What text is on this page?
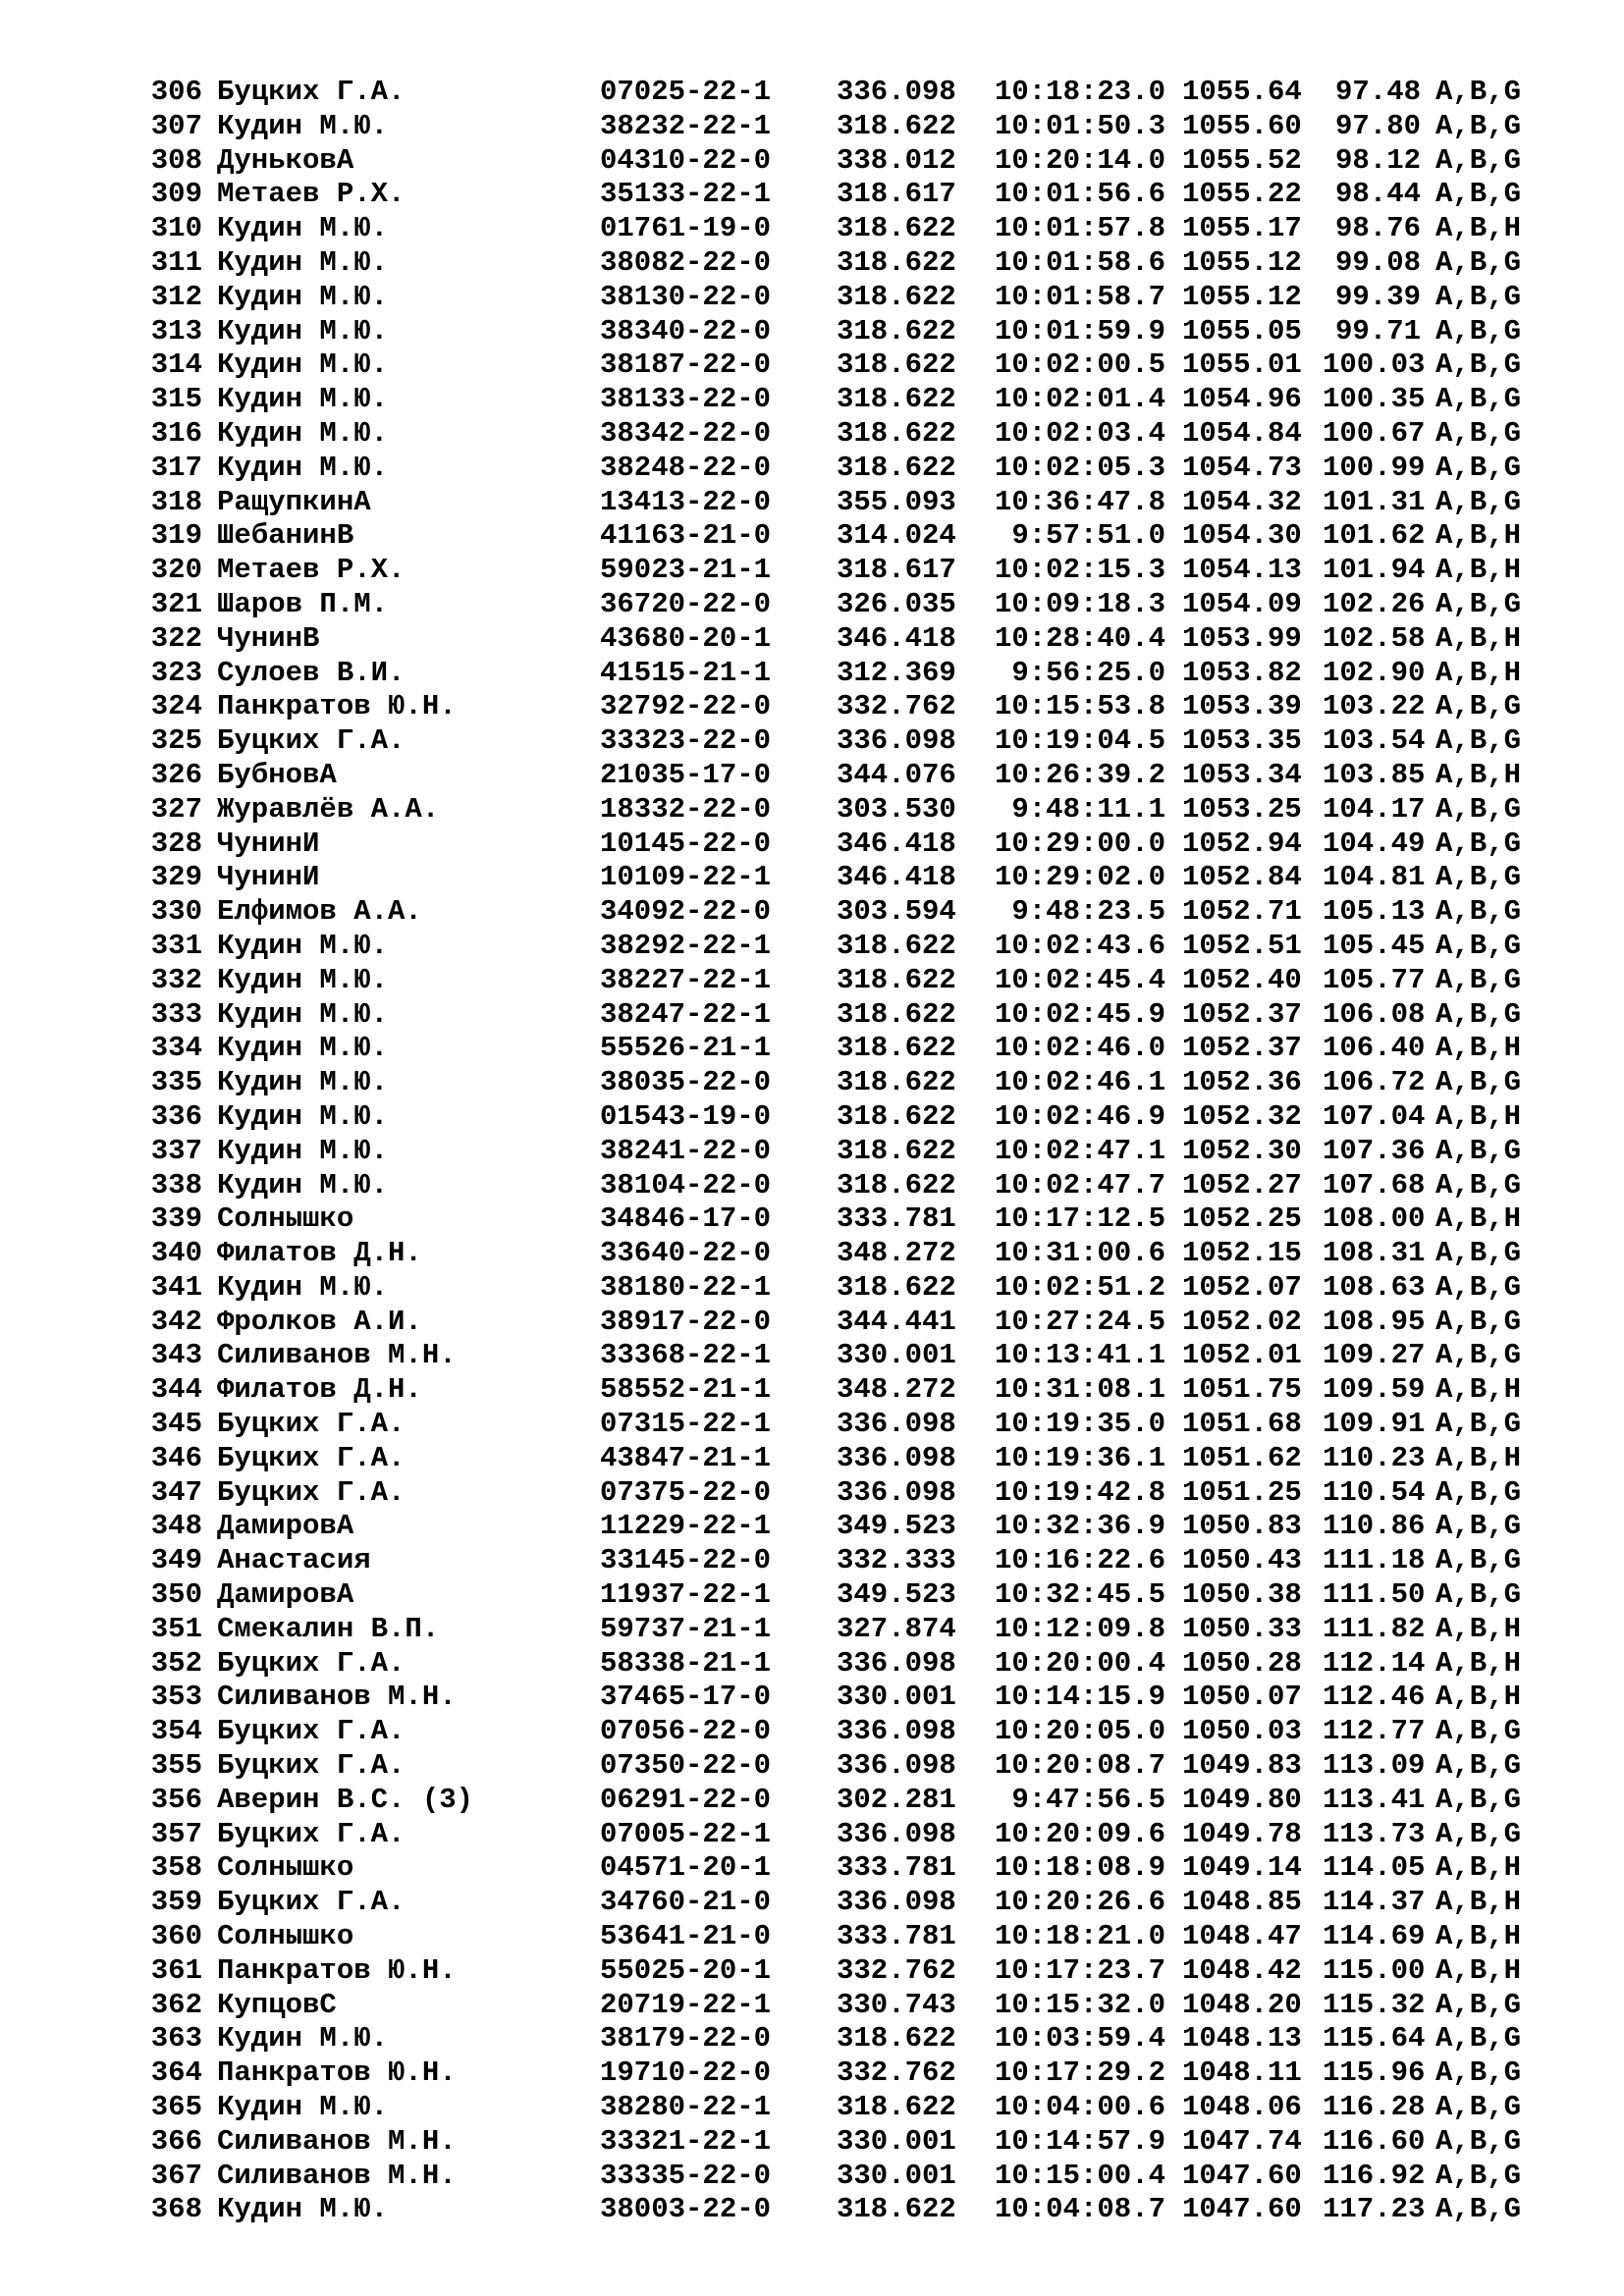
306 Буцких Г.А.	07025-22-1 336.098	10:18:23.0 1055.64	97.48 A,B,G
307 Кудин М.Ю.	38232-22-1 318.622	10:01:50.3 1055.60	97.80 A,B,G
308 ДуньковА	04310-22-0 338.012	10:20:14.0 1055.52	98.12 A,B,G
309 Метаев Р.Х.	35133-22-1 318.617	10:01:56.6 1055.22	98.44 A,B,G
310 Кудин М.Ю.	01761-19-0 318.622	10:01:57.8 1055.17	98.76 A,B,H
311 Кудин М.Ю.	38082-22-0 318.622	10:01:58.6 1055.12	99.08 A,B,G
312 Кудин М.Ю.	38130-22-0 318.622	10:01:58.7 1055.12	99.39 A,B,G
313 Кудин М.Ю.	38340-22-0 318.622	10:01:59.9 1055.05	99.71 A,B,G
314 Кудин М.Ю.	38187-22-0 318.622	10:02:00.5 1055.01 100.03 A,B,G
315 Кудин М.Ю.	38133-22-0 318.622	10:02:01.4 1054.96 100.35 A,B,G
316 Кудин М.Ю.	38342-22-0 318.622	10:02:03.4 1054.84 100.67 A,B,G
317 Кудин М.Ю.	38248-22-0 318.622	10:02:05.3 1054.73 100.99 A,B,G
318 РащупкинА	13413-22-0 355.093	10:36:47.8 1054.32 101.31 A,B,G
319 ШебанинВ	41163-21-0 314.024	9:57:51.0 1054.30 101.62 A,B,H
320 Метаев Р.Х.	59023-21-1 318.617	10:02:15.3 1054.13 101.94 A,B,H
321 Шаров П.М.	36720-22-0 326.035	10:09:18.3 1054.09 102.26 A,B,G
322 ЧунинВ	43680-20-1 346.418	10:28:40.4 1053.99 102.58 A,B,H
323 Сулоев В.И.	41515-21-1 312.369	9:56:25.0 1053.82 102.90 A,B,H
324 Панкратов Ю.Н.	32792-22-0 332.762	10:15:53.8 1053.39 103.22 A,B,G
325 Буцких Г.А.	33323-22-0 336.098	10:19:04.5 1053.35 103.54 A,B,G
326 БубновА	21035-17-0 344.076	10:26:39.2 1053.34 103.85 A,B,H
327 Журавлёв А.А.	18332-22-0 303.530	9:48:11.1 1053.25 104.17 A,B,G
328 ЧунинИ	10145-22-0 346.418	10:29:00.0 1052.94 104.49 A,B,G
329 ЧунинИ	10109-22-1 346.418	10:29:02.0 1052.84 104.81 A,B,G
330 Елфимов А.А.	34092-22-0 303.594	9:48:23.5 1052.71 105.13 A,B,G
331 Кудин М.Ю.	38292-22-1 318.622	10:02:43.6 1052.51 105.45 A,B,G
332 Кудин М.Ю.	38227-22-1 318.622	10:02:45.4 1052.40 105.77 A,B,G
333 Кудин М.Ю.	38247-22-1 318.622	10:02:45.9 1052.37 106.08 A,B,G
334 Кудин М.Ю.	55526-21-1 318.622	10:02:46.0 1052.37 106.40 A,B,H
335 Кудин М.Ю.	38035-22-0 318.622	10:02:46.1 1052.36 106.72 A,B,G
336 Кудин М.Ю.	01543-19-0 318.622	10:02:46.9 1052.32 107.04 A,B,H
337 Кудин М.Ю.	38241-22-0 318.622	10:02:47.1 1052.30 107.36 A,B,G
338 Кудин М.Ю.	38104-22-0 318.622	10:02:47.7 1052.27 107.68 A,B,G
339 Солнышко	34846-17-0 333.781	10:17:12.5 1052.25 108.00 A,B,H
340 Филатов Д.Н.	33640-22-0 348.272	10:31:00.6 1052.15 108.31 A,B,G
341 Кудин М.Ю.	38180-22-1 318.622	10:02:51.2 1052.07 108.63 A,B,G
342 Фролков А.И.	38917-22-0 344.441	10:27:24.5 1052.02 108.95 A,B,G
343 Силиванов М.Н.	33368-22-1 330.001	10:13:41.1 1052.01 109.27 A,B,G
344 Филатов Д.Н.	58552-21-1 348.272	10:31:08.1 1051.75 109.59 A,B,H
345 Буцких Г.А.	07315-22-1 336.098	10:19:35.0 1051.68 109.91 A,B,G
346 Буцких Г.А.	43847-21-1 336.098	10:19:36.1 1051.62 110.23 A,B,H
347 Буцких Г.А.	07375-22-0 336.098	10:19:42.8 1051.25 110.54 A,B,G
348 ДамировА	11229-22-1 349.523	10:32:36.9 1050.83 110.86 A,B,G
349 Анастасия	33145-22-0 332.333	10:16:22.6 1050.43 111.18 A,B,G
350 ДамировА	11937-22-1 349.523	10:32:45.5 1050.38 111.50 A,B,G
351 Смекалин В.П.	59737-21-1 327.874	10:12:09.8 1050.33 111.82 A,B,H
352 Буцких Г.А.	58338-21-1 336.098	10:20:00.4 1050.28 112.14 A,B,H
353 Силиванов М.Н.	37465-17-0 330.001	10:14:15.9 1050.07 112.46 A,B,H
354 Буцких Г.А.	07056-22-0 336.098	10:20:05.0 1050.03 112.77 A,B,G
355 Буцких Г.А.	07350-22-0 336.098	10:20:08.7 1049.83 113.09 A,B,G
356 Аверин В.С. (3)	06291-22-0 302.281	9:47:56.5 1049.80 113.41 A,B,G
357 Буцких Г.А.	07005-22-1 336.098	10:20:09.6 1049.78 113.73 A,B,G
358 Солнышко	04571-20-1 333.781	10:18:08.9 1049.14 114.05 A,B,H
359 Буцких Г.А.	34760-21-0 336.098	10:20:26.6 1048.85 114.37 A,B,H
360 Солнышко	53641-21-0 333.781	10:18:21.0 1048.47 114.69 A,B,H
361 Панкратов Ю.Н.	55025-20-1 332.762	10:17:23.7 1048.42 115.00 A,B,H
362 КупцовС	20719-22-1 330.743	10:15:32.0 1048.20 115.32 A,B,G
363 Кудин М.Ю.	38179-22-0 318.622	10:03:59.4 1048.13 115.64 A,B,G
364 Панкратов Ю.Н.	19710-22-0 332.762	10:17:29.2 1048.11 115.96 A,B,G
365 Кудин М.Ю.	38280-22-1 318.622	10:04:00.6 1048.06 116.28 A,B,G
366 Силиванов М.Н.	33321-22-1 330.001	10:14:57.9 1047.74 116.60 A,B,G
367 Силиванов М.Н.	33335-22-0 330.001	10:15:00.4 1047.60 116.92 A,B,G
368 Кудин М.Ю.	38003-22-0 318.622	10:04:08.7 1047.60 117.23 A,B,G
